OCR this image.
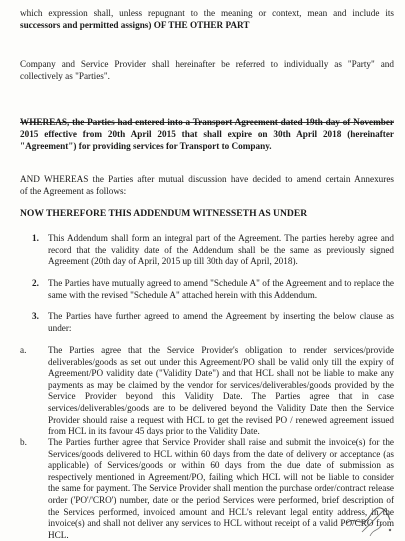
which expression shall, unless repugnant to the meaning or context, mean and include its
successors and permitted assigns) OF THE OTHER PART
Company and Service Provider shall hereinafter be referred to individually as "Party" and
collectively as "Parties".
WHEREAS, the Parties had entered into a Transport Agreement dated 19th day of November
2015 effective from 20th April 2015 that shall expire on 30th April 2018 (hereinafter
"Agreement") for providing services for Transport to Company.
AND WHEREAS the Parties after mutual discussion have decided to amend certain Annexures
of the Agreement as follows:
NOW THEREFORE THIS ADDENDUM WITNESSETH AS UNDER
1. This Addendum shall form an integral part of the Agreement. The parties hereby agree and record that the validity date of the Addendum shall be the same as previously signed Agreement (20th day of April, 2015 up till 30th day of April, 2018).
2. The Parties have mutually agreed to amend "Schedule A" of the Agreement and to replace the same with the revised "Schedule A" attached herein with this Addendum.
3. The Parties have further agreed to amend the Agreement by inserting the below clause as under:
a. The Parties agree that the Service Provider's obligation to render services/provide deliverables/goods as set out under this Agreement/PO shall be valid only till the expiry of Agreement/PO validity date ("Validity Date") and that HCL shall not be liable to make any payments as may be claimed by the vendor for services/deliverables/goods provided by the Service Provider beyond this Validity Date. The Parties agree that in case services/deliverables/goods are to be delivered beyond the Validity Date then the Service Provider should raise a request with HCL to get the revised PO / renewed agreement issued from HCL in its favour 45 days prior to the Validity Date.
b. The Parties further agree that Service Provider shall raise and submit the invoice(s) for the Services/goods delivered to HCL within 60 days from the date of delivery or acceptance (as applicable) of Services/goods or within 60 days from the due date of submission as respectively mentioned in Agreement/PO, failing which HCL will not be liable to consider the same for payment. The Service Provider shall mention the purchase order/contract release order ('PO'/'CRO') number, date or the period Services were performed, brief description of the Services performed, invoiced amount and HCL's relevant legal entity address, in the invoice(s) and shall not deliver any services to HCL without receipt of a valid PO/CRO from HCL.
